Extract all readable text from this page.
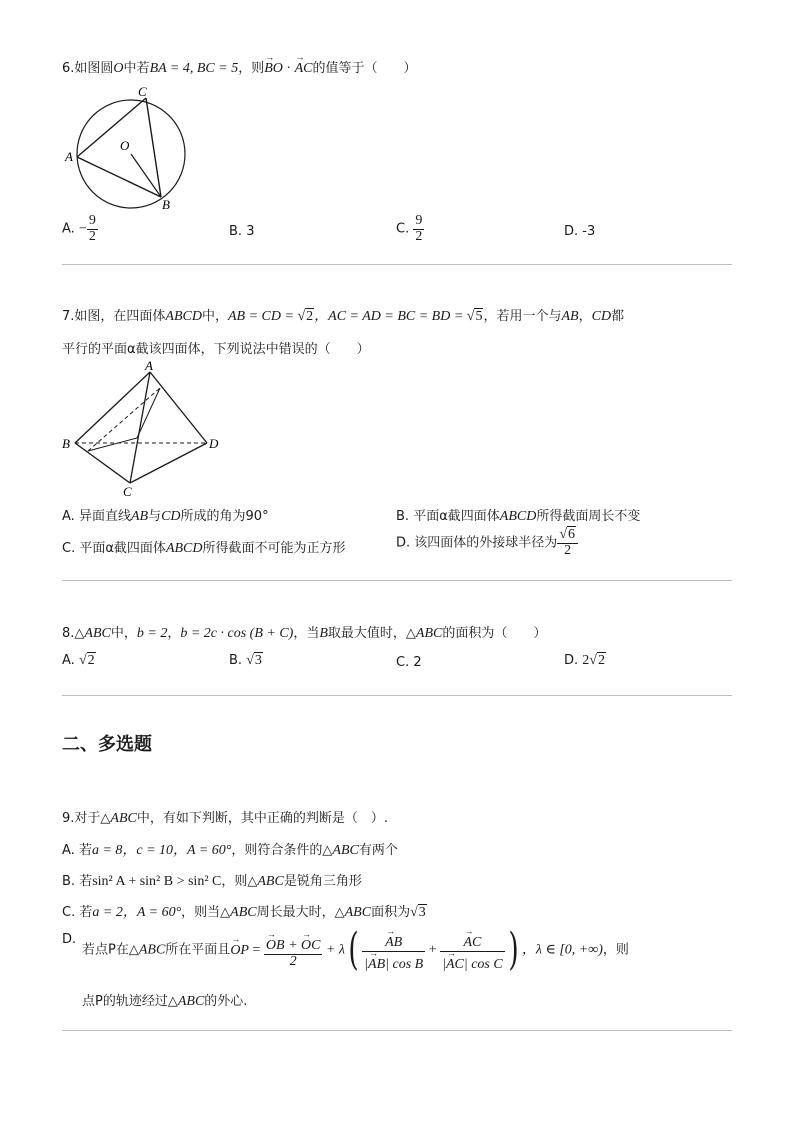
6.如图圆O中若BA = 4, BC = 5，则→ BO · → AC的值等于（　　）
A
C
O
B
A. − $\frac{9}{2}$	B. 3	C. $\frac{9}{2}$	D. -3
7.如图，在四面体ABCD中，AB = CD = √2，AC = AD = BC = BD = √5，若用一个与AB，CD都
平行的平面α截该四面体，下列说法中错误的（　　）
A
B	D
C
A. 异面直线AB与CD所成的角为90°	B. 平面α截四面体ABCD所得截面周长不变
C. 平面α截四面体ABCD所得截面不可能为正方形	D. 该四面体的外接球半径为 $\frac{√6}{2}$
8.△ABC中，b = 2，b = 2c · cos (B + C)，当B取最大值时，△ABC的面积为（　　）
A. √2	B. √3	C. 2	D. 2√2
二、多选题
9.对于△ABC中，有如下判断，其中正确的判断是（　）.
A. 若a = 8，c = 10，A = 60°，则符合条件的△ABC有两个
B. 若sin² A + sin² B > sin² C，则△ABC是锐角三角形
C. 若a = 2，A = 60°，则当△ABC周长最大时，△ABC面积为√3
D.
若点P在△ABC所在平面且→ OP =
→ $\frac{OB + \to OC}{2} + \lambda$(
→ $\frac{AB}{\text{|→ AB| cos B}}$ +
→ $\frac{AC}{\text{|→ AC| cos C}}$ ) ，λ ∈ [0, +∞)，则
点P的轨迹经过△ABC的外心.
